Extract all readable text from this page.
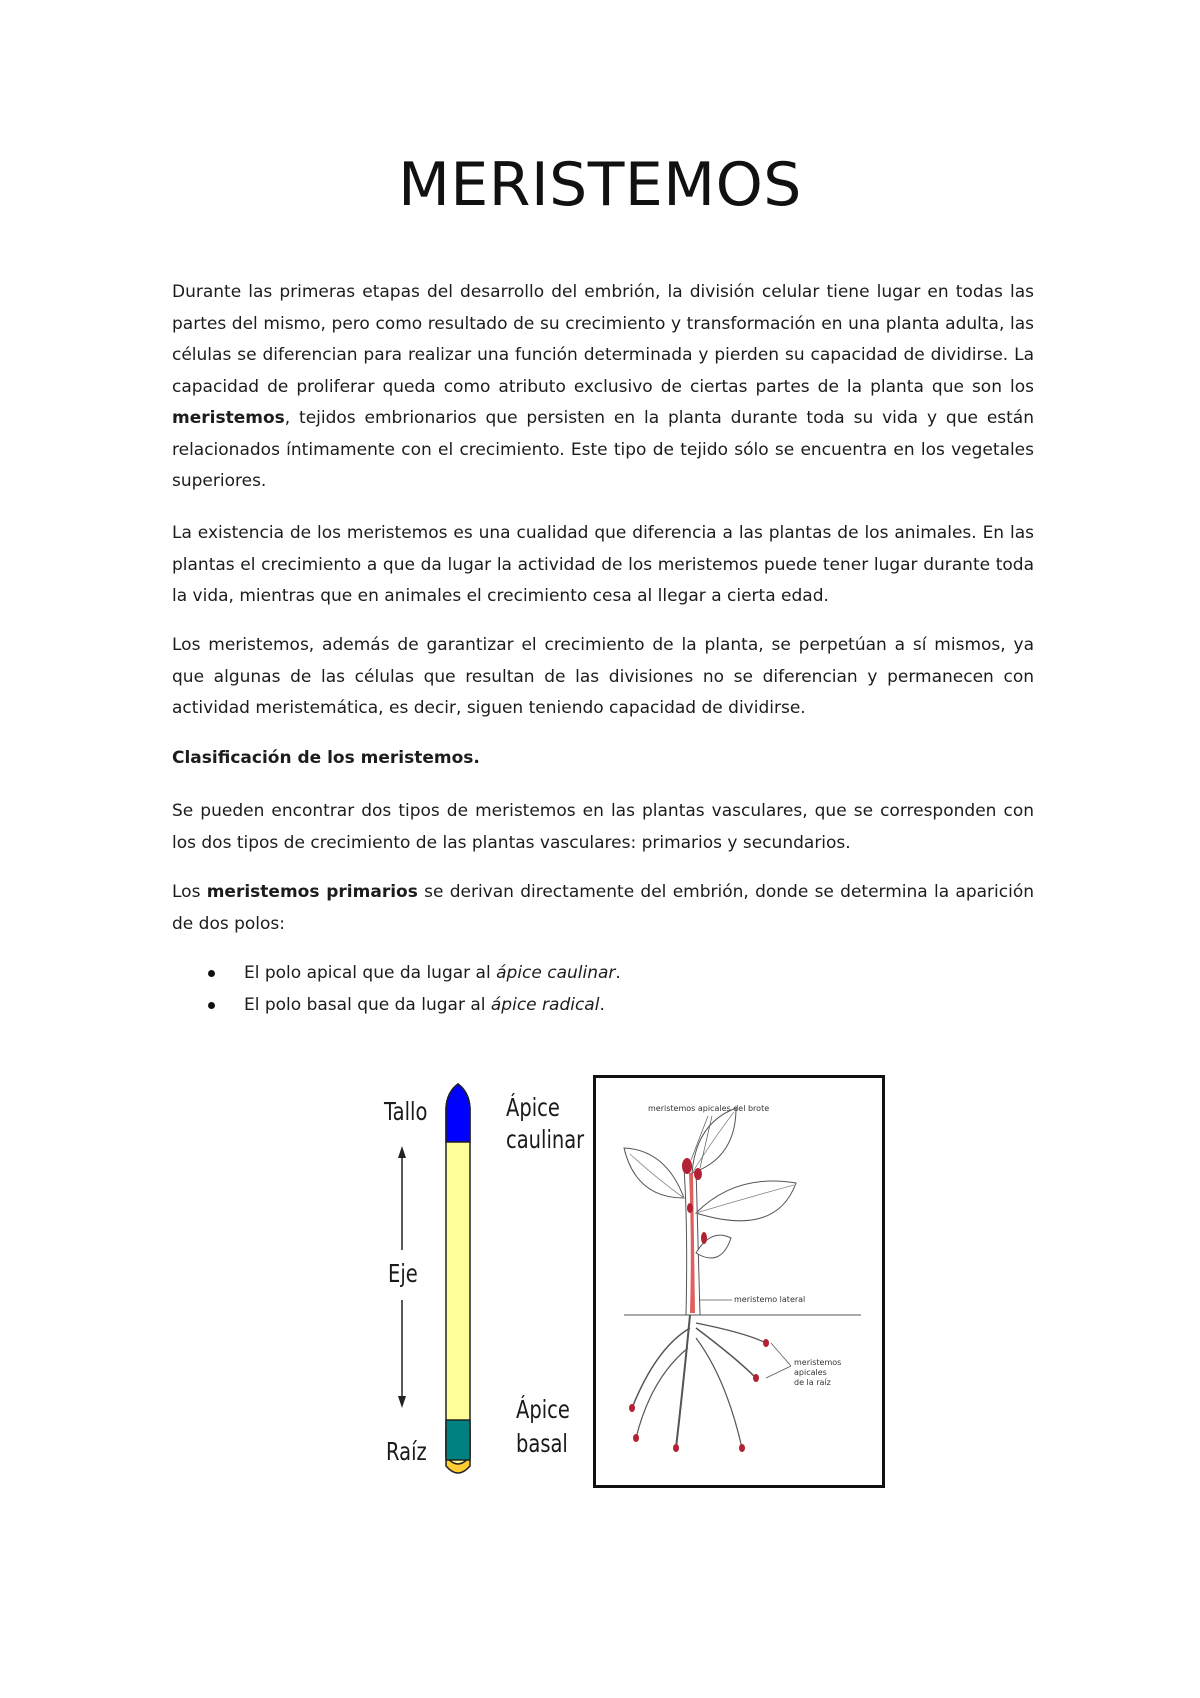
MERISTEMOS

Durante las primeras etapas del desarrollo del embrión, la división celular tiene lugar en todas las partes del mismo, pero como resultado de su crecimiento y transformación en una planta adulta, las células se diferencian para realizar una función determinada y pierden su capacidad de dividirse. La capacidad de proliferar queda como atributo exclusivo de ciertas partes de la planta que son los meristemos, tejidos embrionarios que persisten en la planta durante toda su vida y que están relacionados íntimamente con el crecimiento. Este tipo de tejido sólo se encuentra en los vegetales superiores.

La existencia de los meristemos es una cualidad que diferencia a las plantas de los animales. En las plantas el crecimiento a que da lugar la actividad de los meristemos puede tener lugar durante toda la vida, mientras que en animales el crecimiento cesa al llegar a cierta edad.

Los meristemos, además de garantizar el crecimiento de la planta, se perpetúan a sí mismos, ya que algunas de las células que resultan de las divisiones no se diferencian y permanecen con actividad meristemática, es decir, siguen teniendo capacidad de dividirse.

Clasificación de los meristemos.

Se pueden encontrar dos tipos de meristemos en las plantas vasculares, que se corresponden con los dos tipos de crecimiento de las plantas vasculares: primarios y secundarios.

Los meristemos primarios se derivan directamente del embrión, donde se determina la aparición de dos polos:

El polo apical que da lugar al ápice caulinar.
El polo basal que da lugar al ápice radical.
Tallo
Eje
Raíz
Ápice
caulinar
Ápice
basal
meristemos apicales del brote
meristemo lateral
meristemos
apicales
de la raíz
